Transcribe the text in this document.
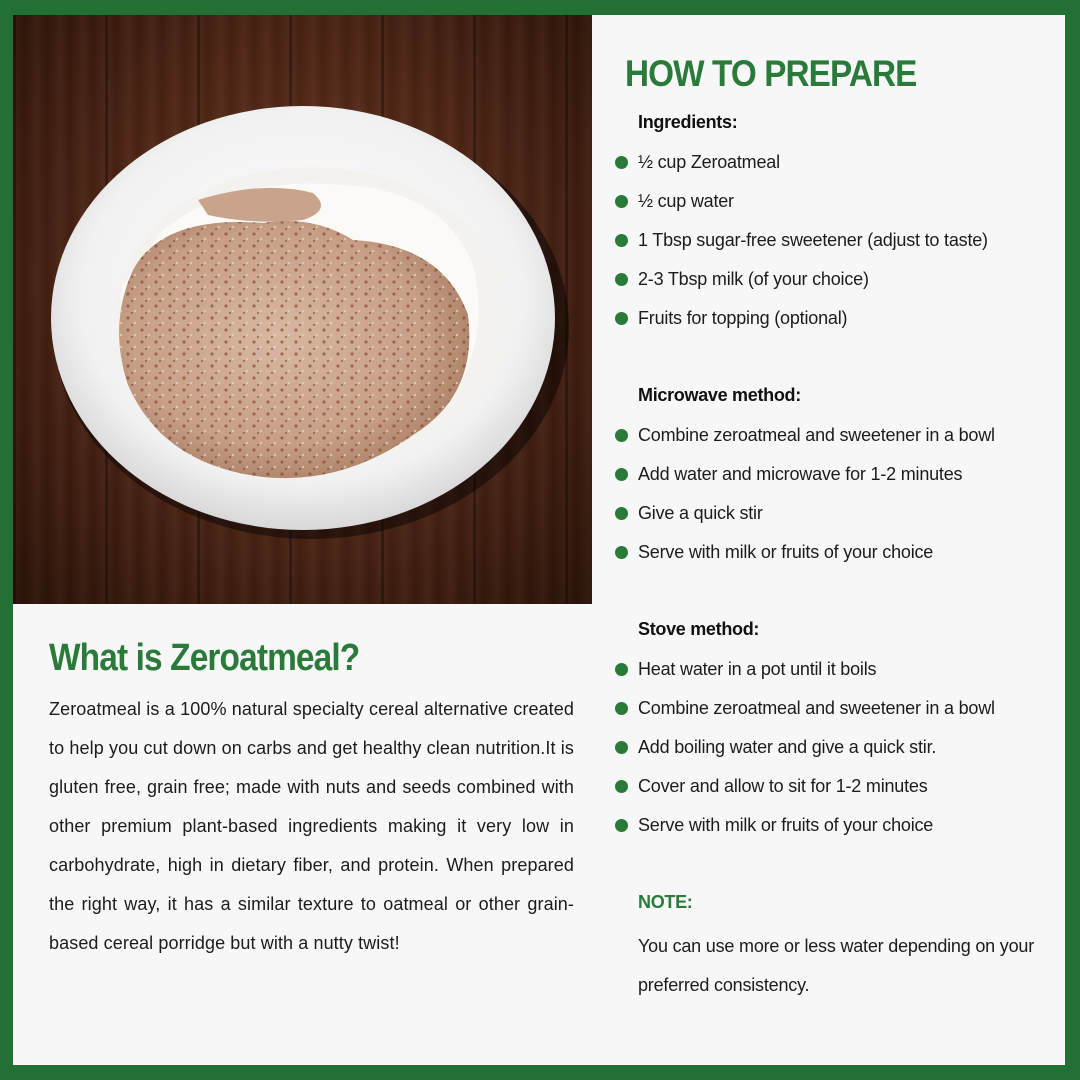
HOW TO PREPARE
Ingredients:
½ cup Zeroatmeal
½ cup water
1 Tbsp sugar-free sweetener (adjust to taste)
2-3 Tbsp milk (of your choice)
Fruits for topping (optional)
Microwave method:
Combine zeroatmeal and sweetener in a bowl
Add water and microwave for 1-2 minutes
Give a quick stir
Serve with milk or fruits of your choice
Stove method:
Heat water in a pot until it boils
Combine zeroatmeal and sweetener in a bowl
Add boiling water and give a quick stir.
Cover and allow to sit for 1-2 minutes
Serve with milk or fruits of your choice
NOTE:
You can use more or less water depending on your preferred consistency.
What is Zeroatmeal?
Zeroatmeal is a 100% natural specialty cereal alternative created to help you cut down on carbs and get healthy clean nutrition.It is gluten free, grain free; made with nuts and seeds combined with other premium plant-based ingredients making it very low in carbohydrate, high in dietary fiber, and protein. When prepared the right way, it has a similar texture to oatmeal or other grain-based cereal porridge but with a nutty twist!
